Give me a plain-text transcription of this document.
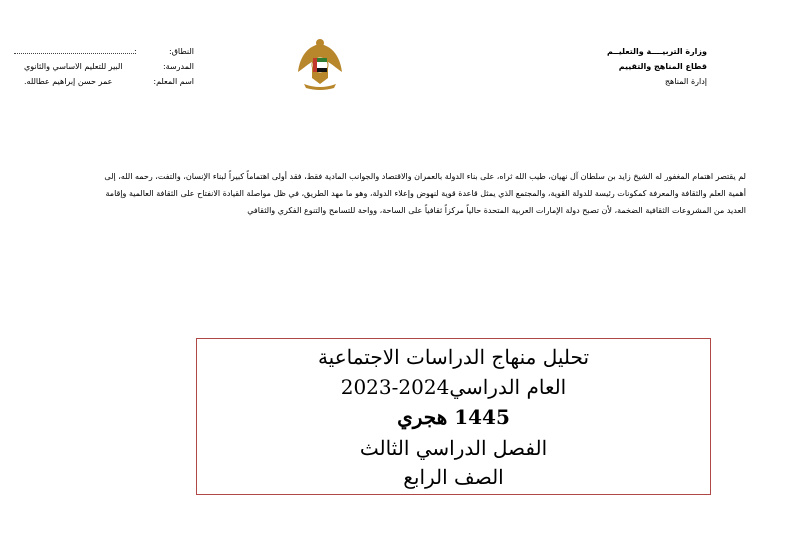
النطاق:
:
المدرسة:
البير للتعليم الاساسي والثانوي
اسم المعلم:
عمر حسن إبراهيم عطالله.
وزارة التربيــــة والتعليــم
قطاع المناهج والتقييم
إدارة المناهج
لم يقتصر اهتمام المغفور له الشيخ زايد بن سلطان آل نهيان، طيب الله ثراه، على بناء الدولة بالعمران والاقتصاد والجوانب المادية فقط، فقد أولى اهتماماً كبيراً لبناء الإنسان، والتفت، رحمه الله، إلى
أهمية العلم والثقافة والمعرفة كمكونات رئيسة للدولة القوية، والمجتمع الذي يمثل قاعدة قوية لنهوض وإعلاء الدولة، وهو ما مهد الطريق، في ظل مواصلة القيادة الانفتاح على الثقافة العالمية وإقامة
العديد من المشروعات الثقافية الضخمة، لأن تصبح دولة الإمارات العربية المتحدة حالياً مركزاً ثقافياً على الساحة، وواحة للتسامح والتنوع الفكري والثقافي
تحليل منهاج الدراسات الاجتماعية
العام الدراسي2024-2023
1445 هجري
الفصل الدراسي الثالث
الصف الرابع
